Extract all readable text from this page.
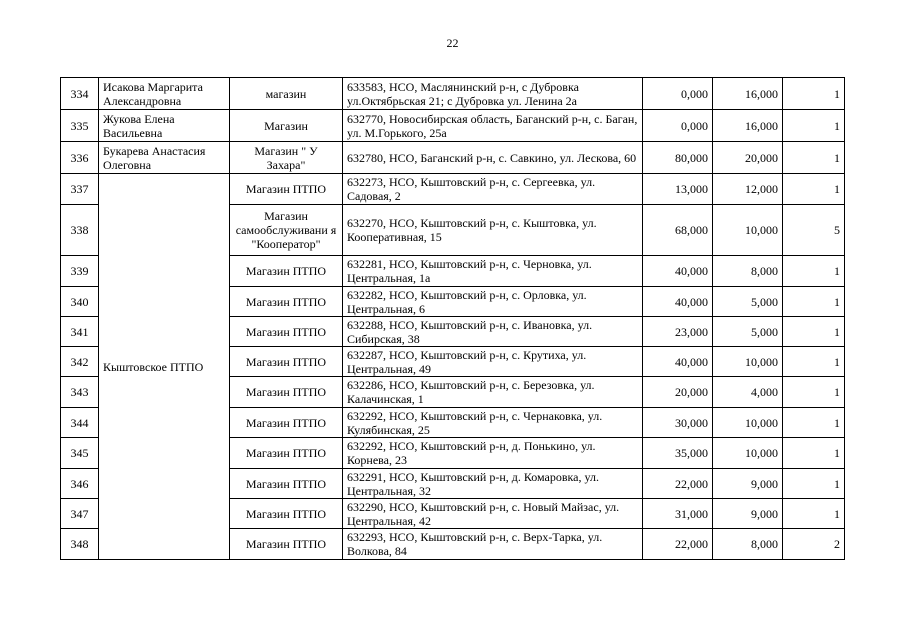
22
334	Исакова Маргарита Александровна	магазин	633583, НСО, Маслянинский р-н, с Дубровка ул.Октябрьская 21; с Дубровка ул. Ленина 2а	0,000	16,000	1
335	Жукова Елена Васильевна	Магазин	632770, Новосибирская область, Баганский р-н, с. Баган, ул. М.Горького, 25а	0,000	16,000	1
336	Букарева Анастасия Олеговна	Магазин " У Захара"	632780, НСО, Баганский р-н, с. Савкино, ул. Лескова, 60	80,000	20,000	1
337	Кыштовское ПТПО	Магазин ПТПО	632273, НСО, Кыштовский р-н, с. Сергеевка, ул. Садовая, 2	13,000	12,000	1
338		Магазин самообслуживани я "Кооператор"	632270, НСО, Кыштовский р-н, с. Кыштовка, ул. Кооперативная, 15	68,000	10,000	5
339		Магазин ПТПО	632281, НСО, Кыштовский р-н, с. Черновка, ул. Центральная, 1а	40,000	8,000	1
340		Магазин ПТПО	632282, НСО, Кыштовский р-н, с. Орловка, ул. Центральная, 6	40,000	5,000	1
341		Магазин ПТПО	632288, НСО, Кыштовский р-н, с. Ивановка, ул. Сибирская, 38	23,000	5,000	1
342		Магазин ПТПО	632287, НСО, Кыштовский р-н, с. Крутиха, ул. Центральная, 49	40,000	10,000	1
343		Магазин ПТПО	632286, НСО, Кыштовский р-н, с. Березовка, ул. Калачинская, 1	20,000	4,000	1
344		Магазин ПТПО	632292, НСО, Кыштовский р-н, с. Чернаковка, ул. Кулябинская, 25	30,000	10,000	1
345		Магазин ПТПО	632292, НСО, Кыштовский р-н, д. Понькино, ул. Корнева, 23	35,000	10,000	1
346		Магазин ПТПО	632291, НСО, Кыштовский р-н, д. Комаровка, ул. Центральная, 32	22,000	9,000	1
347		Магазин ПТПО	632290, НСО, Кыштовский р-н, с. Новый Майзас, ул. Центральная, 42	31,000	9,000	1
348		Магазин ПТПО	632293, НСО, Кыштовский р-н, с. Верх-Тарка, ул. Волкова, 84	22,000	8,000	2
